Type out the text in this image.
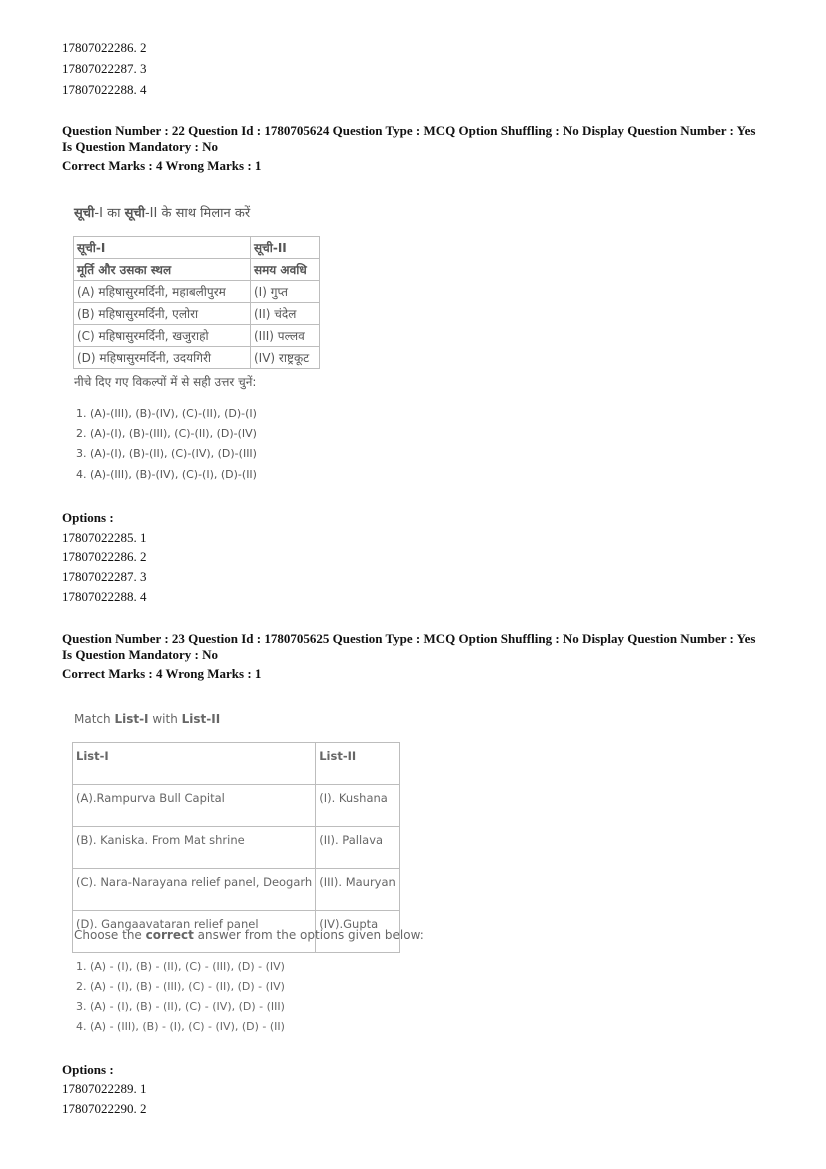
17807022286. 2
17807022287. 3
17807022288. 4
Question Number : 22 Question Id : 1780705624 Question Type : MCQ Option Shuffling : No Display Question Number : Yes
Is Question Mandatory : No
Correct Marks : 4 Wrong Marks : 1
सूची-I का सूची-II के साथ मिलान करें
सूची-I	सूची-II
मूर्ति और उसका स्थल	समय अवधि
(A) महिषासुरमर्दिनी, महाबलीपुरम	(I) गुप्त
(B) महिषासुरमर्दिनी, एलोरा	(II) चंदेल
(C) महिषासुरमर्दिनी, खजुराहो	(III) पल्लव
(D) महिषासुरमर्दिनी, उदयगिरी	(IV) राष्ट्रकूट
नीचे दिए गए विकल्पों में से सही उत्तर चुनें:
1. (A)-(III), (B)-(IV), (C)-(II), (D)-(I)
2. (A)-(I), (B)-(III), (C)-(II), (D)-(IV)
3. (A)-(I), (B)-(II), (C)-(IV), (D)-(III)
4. (A)-(III), (B)-(IV), (C)-(I), (D)-(II)
Options :
17807022285. 1
17807022286. 2
17807022287. 3
17807022288. 4
Question Number : 23 Question Id : 1780705625 Question Type : MCQ Option Shuffling : No Display Question Number : Yes
Is Question Mandatory : No
Correct Marks : 4 Wrong Marks : 1
Match List-I with List-II
List-I	List-II
(A).Rampurva Bull Capital	(I). Kushana
(B). Kaniska. From Mat shrine	(II). Pallava
(C). Nara-Narayana relief panel, Deogarh	(III). Mauryan
(D). Gangaavataran relief panel	(IV).Gupta
Choose the correct answer from the options given below:
1. (A) - (I), (B) - (II), (C) - (III), (D) - (IV)
2. (A) - (I), (B) - (III), (C) - (II), (D) - (IV)
3. (A) - (I), (B) - (II), (C) - (IV), (D) - (III)
4. (A) - (III), (B) - (I), (C) - (IV), (D) - (II)
Options :
17807022289. 1
17807022290. 2
